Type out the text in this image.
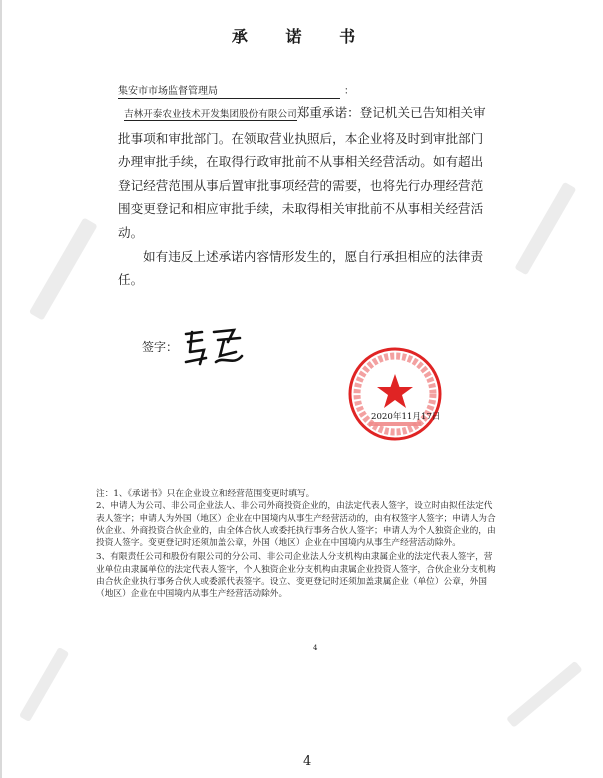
承 诺 书
集安市市场监督管理局	：

吉林开泰农业技术开发集团股份有限公司郑重承诺：登记机关已告知相关审批事项和审批部门。在领取营业执照后，本企业将及时到审批部门办理审批手续，在取得行政审批前不从事相关经营活动。如有超出登记经营范围从事后置审批事项经营的需要，也将先行办理经营范围变更登记和相应审批手续，未取得相关审批前不从事相关经营活动。

如有违反上述承诺内容情形发生的，愿自行承担相应的法律责任。

签字：
2020年11月17日
注：1、《承诺书》只在企业设立和经营范围变更时填写。
2、申请人为公司、非公司企业法人、非公司外商投资企业的，由法定代表人签字，设立时由拟任法定代表人签字；申请人为外国（地区）企业在中国境内从事生产经营活动的，由有权签字人签字；申请人为合伙企业、外商投资合伙企业的，由全体合伙人或委托执行事务合伙人签字；申请人为个人独资企业的，由投资人签字。变更登记时还须加盖公章，外国（地区）企业在中国境内从事生产经营活动除外。
3、有限责任公司和股份有限公司的分公司、非公司企业法人分支机构由隶属企业的法定代表人签字，营业单位由隶属单位的法定代表人签字，个人独资企业分支机构由隶属企业投资人签字，合伙企业分支机构由合伙企业执行事务合伙人或委派代表签字。设立、变更登记时还须加盖隶属企业（单位）公章，外国（地区）企业在中国境内从事生产经营活动除外。
4
4
